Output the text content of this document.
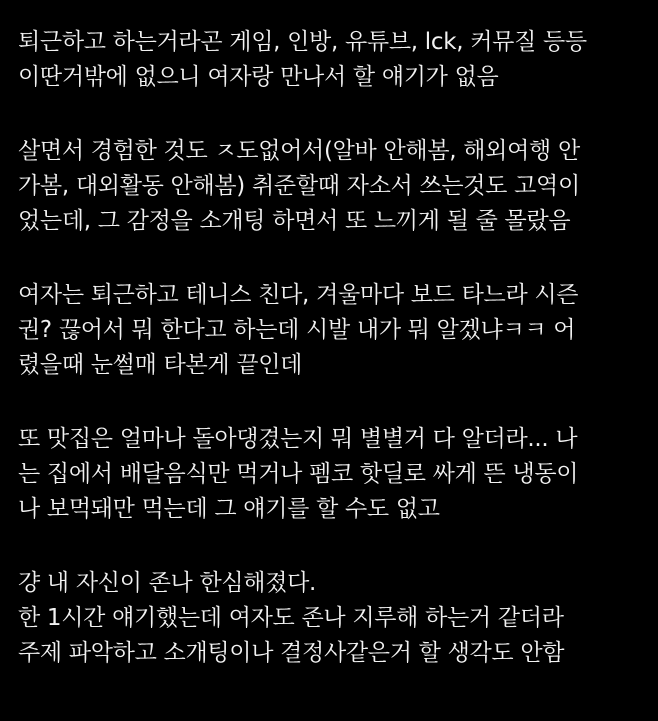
퇴근하고 하는거라곤 게임, 인방, 유튜브, lck, 커뮤질 등등
이딴거밖에 없으니 여자랑 만나서 할 얘기가 없음
살면서 경험한 것도 ㅈ도없어서(알바 안해봄, 해외여행 안
가봄, 대외활동 안해봄) 취준할때 자소서 쓰는것도 고역이
었는데, 그 감정을 소개팅 하면서 또 느끼게 될 줄 몰랐음
여자는 퇴근하고 테니스 친다, 겨울마다 보드 타느라 시즌
권? 끊어서 뭐 한다고 하는데 시발 내가 뭐 알겠냐ㅋㅋ 어
렸을때 눈썰매 타본게 끝인데
또 맛집은 얼마나 돌아댕겼는지 뭐 별별거 다 알더라... 나
는 집에서 배달음식만 먹거나 펨코 핫딜로 싸게 뜬 냉동이
나 보먹돼만 먹는데 그 얘기를 할 수도 없고
걍 내 자신이 존나 한심해졌다.
한 1시간 얘기했는데 여자도 존나 지루해 하는거 같더라
주제 파악하고 소개팅이나 결정사같은거 할 생각도 안함
